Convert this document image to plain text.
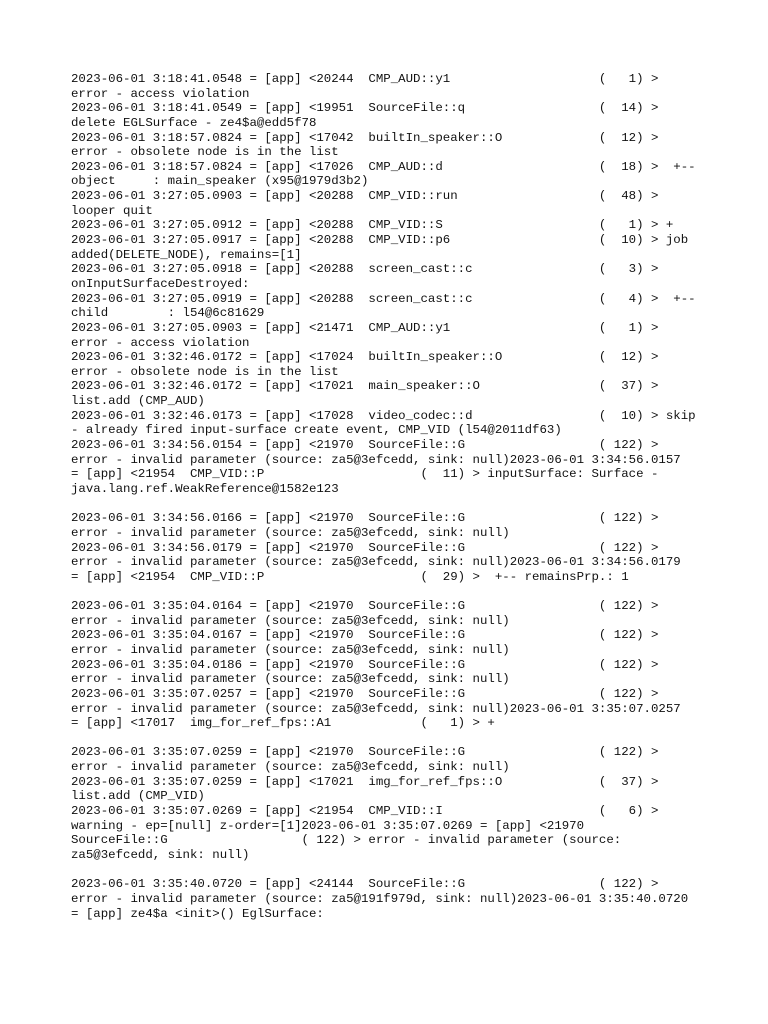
2023-06-01 3:18:41.0548 = [app] <20244  CMP_AUD::y1                    (   1) >
error - access violation
2023-06-01 3:18:41.0549 = [app] <19951  SourceFile::q                  (  14) >
delete EGLSurface - ze4$a@edd5f78
2023-06-01 3:18:57.0824 = [app] <17042  builtIn_speaker::O             (  12) >
error - obsolete node is in the list
2023-06-01 3:18:57.0824 = [app] <17026  CMP_AUD::d                     (  18) >  +--
object     : main_speaker (x95@1979d3b2)
2023-06-01 3:27:05.0903 = [app] <20288  CMP_VID::run                   (  48) >
looper quit
2023-06-01 3:27:05.0912 = [app] <20288  CMP_VID::S                     (   1) > +
2023-06-01 3:27:05.0917 = [app] <20288  CMP_VID::p6                    (  10) > job
added(DELETE_NODE), remains=[1]
2023-06-01 3:27:05.0918 = [app] <20288  screen_cast::c                 (   3) >
onInputSurfaceDestroyed:
2023-06-01 3:27:05.0919 = [app] <20288  screen_cast::c                 (   4) >  +--
child        : l54@6c81629
2023-06-01 3:27:05.0903 = [app] <21471  CMP_AUD::y1                    (   1) >
error - access violation
2023-06-01 3:32:46.0172 = [app] <17024  builtIn_speaker::O             (  12) >
error - obsolete node is in the list
2023-06-01 3:32:46.0172 = [app] <17021  main_speaker::O                (  37) >
list.add (CMP_AUD)
2023-06-01 3:32:46.0173 = [app] <17028  video_codec::d                 (  10) > skip
- already fired input-surface create event, CMP_VID (l54@2011df63)
2023-06-01 3:34:56.0154 = [app] <21970  SourceFile::G                  ( 122) >
error - invalid parameter (source: za5@3efcedd, sink: null)2023-06-01 3:34:56.0157
= [app] <21954  CMP_VID::P                     (  11) > inputSurface: Surface -
java.lang.ref.WeakReference@1582e123
2023-06-01 3:34:56.0166 = [app] <21970  SourceFile::G                  ( 122) >
error - invalid parameter (source: za5@3efcedd, sink: null)
2023-06-01 3:34:56.0179 = [app] <21970  SourceFile::G                  ( 122) >
error - invalid parameter (source: za5@3efcedd, sink: null)2023-06-01 3:34:56.0179
= [app] <21954  CMP_VID::P                     (  29) >  +-- remainsPrp.: 1
2023-06-01 3:35:04.0164 = [app] <21970  SourceFile::G                  ( 122) >
error - invalid parameter (source: za5@3efcedd, sink: null)
2023-06-01 3:35:04.0167 = [app] <21970  SourceFile::G                  ( 122) >
error - invalid parameter (source: za5@3efcedd, sink: null)
2023-06-01 3:35:04.0186 = [app] <21970  SourceFile::G                  ( 122) >
error - invalid parameter (source: za5@3efcedd, sink: null)
2023-06-01 3:35:07.0257 = [app] <21970  SourceFile::G                  ( 122) >
error - invalid parameter (source: za5@3efcedd, sink: null)2023-06-01 3:35:07.0257
= [app] <17017  img_for_ref_fps::A1            (   1) > +
2023-06-01 3:35:07.0259 = [app] <21970  SourceFile::G                  ( 122) >
error - invalid parameter (source: za5@3efcedd, sink: null)
2023-06-01 3:35:07.0259 = [app] <17021  img_for_ref_fps::O             (  37) >
list.add (CMP_VID)
2023-06-01 3:35:07.0269 = [app] <21954  CMP_VID::I                     (   6) >
warning - ep=[null] z-order=[1]2023-06-01 3:35:07.0269 = [app] <21970
SourceFile::G                  ( 122) > error - invalid parameter (source:
za5@3efcedd, sink: null)
2023-06-01 3:35:40.0720 = [app] <24144  SourceFile::G                  ( 122) >
error - invalid parameter (source: za5@191f979d, sink: null)2023-06-01 3:35:40.0720
= [app] ze4$a <init>() EglSurface:
